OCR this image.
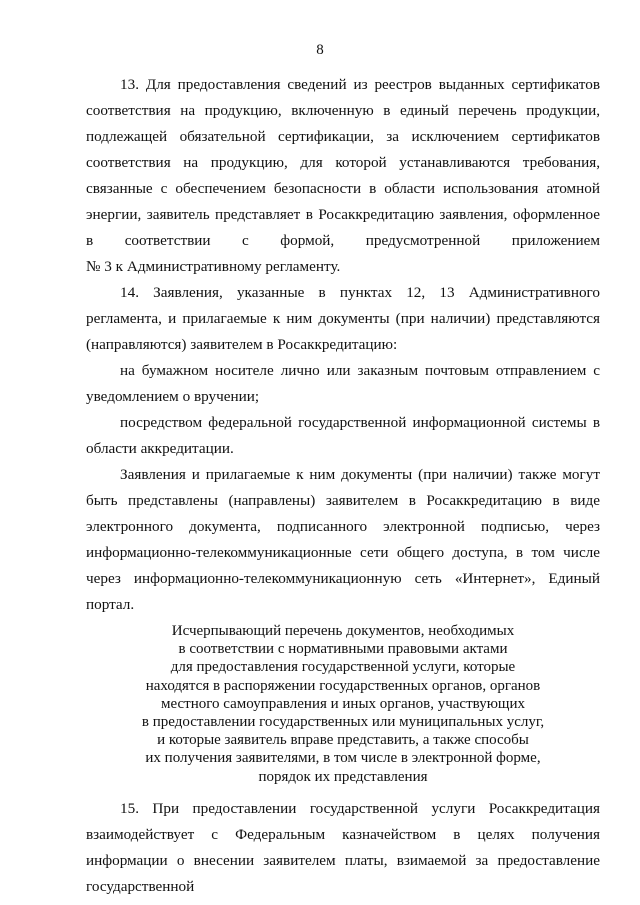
8

13. Для предоставления сведений из реестров выданных сертификатов соответствия на продукцию, включенную в единый перечень продукции, подлежащей обязательной сертификации, за исключением сертификатов соответствия на продукцию, для которой устанавливаются требования, связанные с обеспечением безопасности в области использования атомной энергии, заявитель представляет в Росаккредитацию заявления, оформленное в соответствии с формой, предусмотренной приложением

№ 3 к Административному регламенту.

14. Заявления, указанные в пунктах 12, 13 Административного регламента, и прилагаемые к ним документы (при наличии) представляются (направляются) заявителем в Росаккредитацию:

на бумажном носителе лично или заказным почтовым отправлением с уведомлением о вручении;

посредством федеральной государственной информационной системы в области аккредитации.

Заявления и прилагаемые к ним документы (при наличии) также могут быть представлены (направлены) заявителем в Росаккредитацию в виде электронного документа, подписанного электронной подписью, через информационно-телекоммуникационные сети общего доступа, в том числе через информационно-телекоммуникационную сеть «Интернет», Единый портал.

Исчерпывающий перечень документов, необходимых
в соответствии с нормативными правовыми актами
для предоставления государственной услуги, которые
находятся в распоряжении государственных органов, органов
местного самоуправления и иных органов, участвующих
в предоставлении государственных или муниципальных услуг,
и которые заявитель вправе представить, а также способы
их получения заявителями, в том числе в электронной форме,
порядок их представления

15. При предоставлении государственной услуги Росаккредитация взаимодействует с Федеральным казначейством в целях получения информации о внесении заявителем платы, взимаемой за предоставление государственной
